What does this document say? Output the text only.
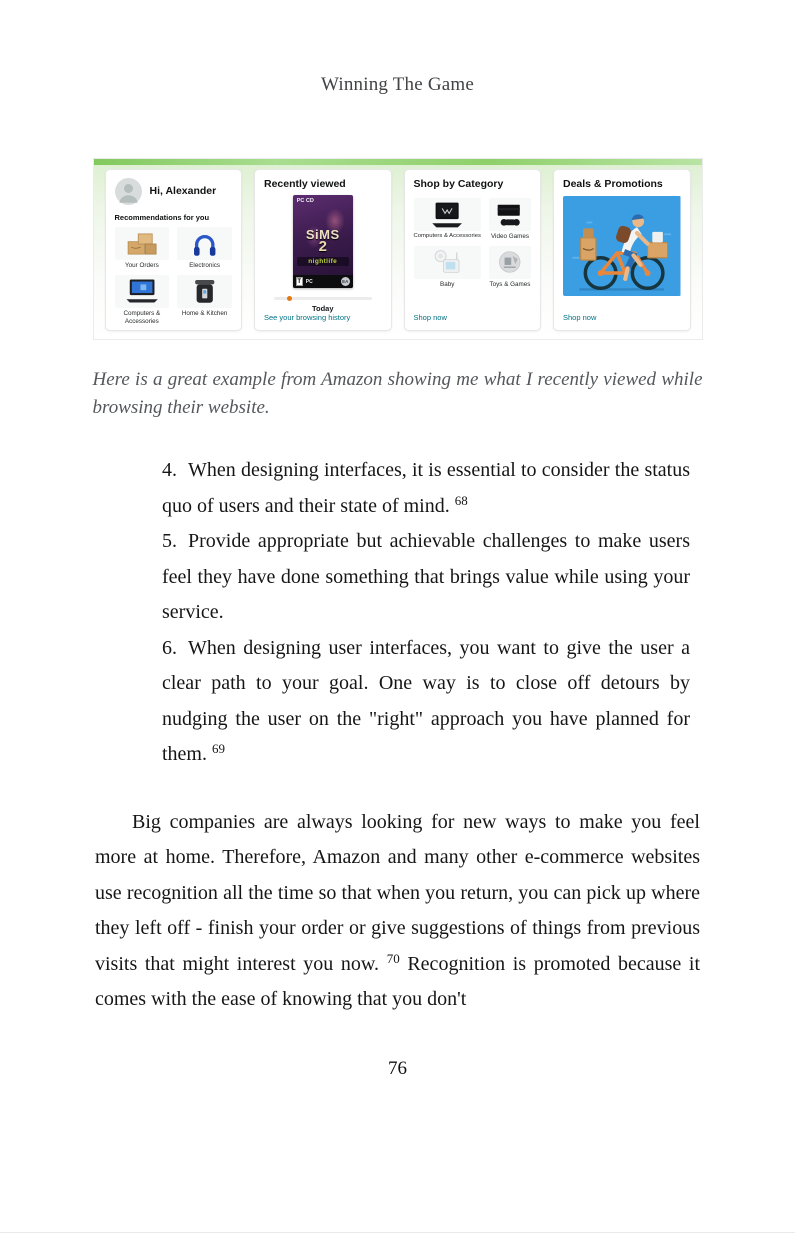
Winning The Game
Hi, Alexander
Recommendations for you
Your Orders	Electronics
Computers & Accessories
Home & Kitchen
Recently viewed
PC CD
SiMS
2
nightlife
T PC	EA
Today
See your browsing history
Shop by Category
Computers & Accessories	Video Games
Baby	Toys & Games
Shop now
Deals & Promotions
Shop now

Here is a great example from Amazon showing me what I recently viewed while browsing their website.

4. When designing interfaces, it is essential to consider the status quo of users and their state of mind. $^{68}$

5. Provide appropriate but achievable challenges to make users feel they have done something that brings value while using your service.

6. When designing user interfaces, you want to give the user a clear path to your goal. One way is to close off detours by nudging the user on the "right" approach you have planned for them. $^{69}$

Big companies are always looking for new ways to make you feel more at home. Therefore, Amazon and many other e-commerce websites use recognition all the time so that when you return, you can pick up where they left off - finish your order or give suggestions of things from previous visits that might interest you now. $^{70}$ Recognition is promoted because it comes with the ease of knowing that you don't

76
